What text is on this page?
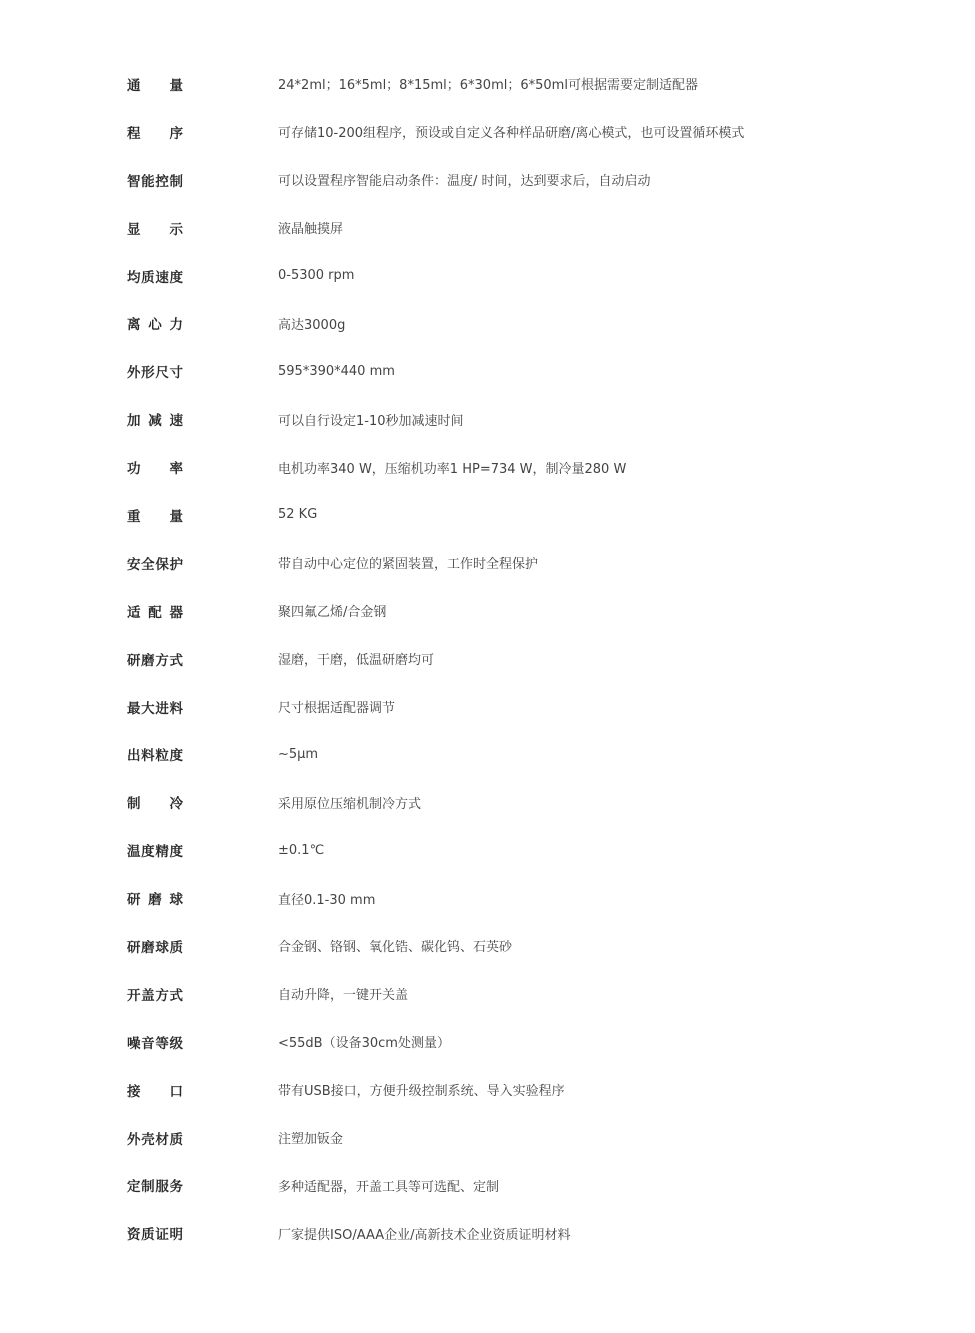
通量	24*2ml；16*5ml；8*15ml；6*30ml；6*50ml可根据需要定制适配器
程序	可存储10-200组程序，预设或自定义各种样品研磨/离心模式，也可设置循环模式
智能控制	可以设置程序智能启动条件：温度/ 时间，达到要求后，自动启动
显示	液晶触摸屏
均质速度	0-5300 rpm
离心力	高达3000g
外形尺寸	595*390*440 mm
加减速	可以自行设定1-10秒加减速时间
功率	电机功率340 W，压缩机功率1 HP=734 W，制冷量280 W
重量	52 KG
安全保护	带自动中心定位的紧固装置，工作时全程保护
适配器	聚四氟乙烯/合金钢
研磨方式	湿磨，干磨，低温研磨均可
最大进料	尺寸根据适配器调节
出料粒度	~5μm
制冷	采用原位压缩机制冷方式
温度精度	±0.1℃
研磨球	直径0.1-30 mm
研磨球质	合金钢、铬钢、氧化锆、碳化钨、石英砂
开盖方式	自动升降，一键开关盖
噪音等级	<55dB（设备30cm处测量）
接口	带有USB接口，方便升级控制系统、导入实验程序
外壳材质	注塑加钣金
定制服务	多种适配器，开盖工具等可选配、定制
资质证明	厂家提供ISO/AAA企业/高新技术企业资质证明材料
